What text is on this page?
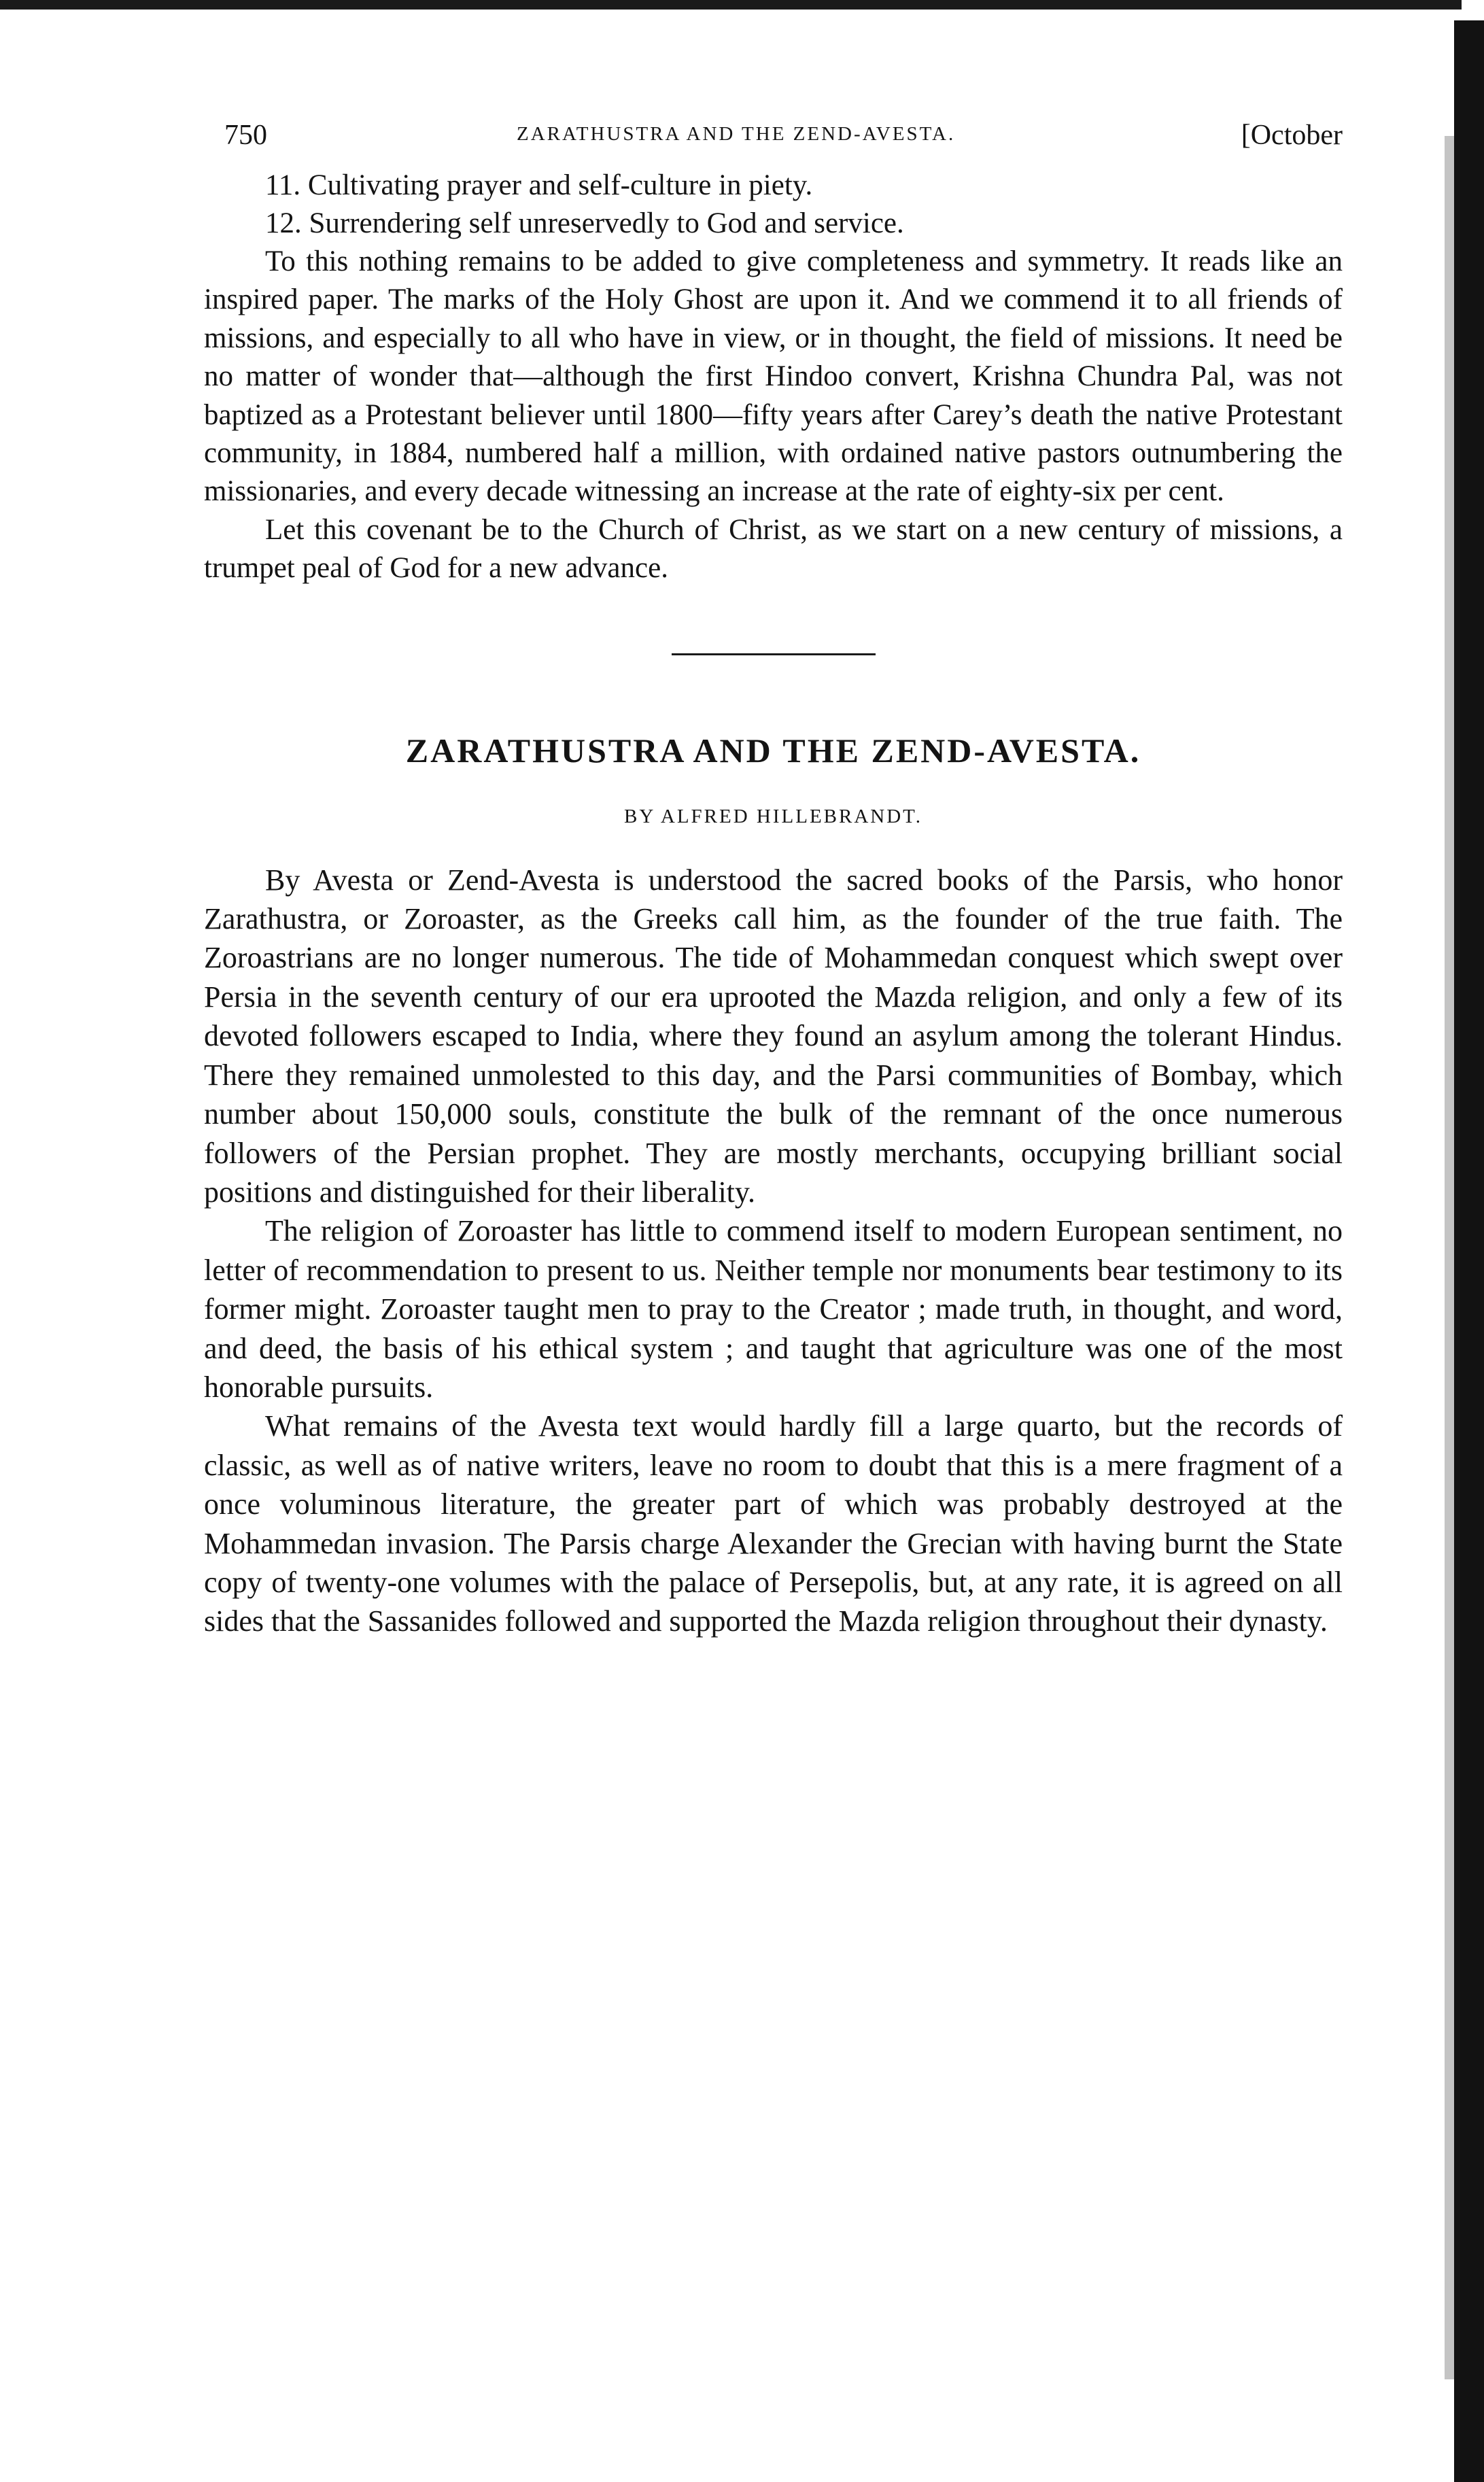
750	ZARATHUSTRA AND THE ZEND-AVESTA.	[October

11. Cultivating prayer and self-culture in piety.

12. Surrendering self unreservedly to God and service.

To this nothing remains to be added to give completeness and symmetry. It reads like an inspired paper. The marks of the Holy Ghost are upon it. And we commend it to all friends of missions, and especially to all who have in view, or in thought, the field of missions. It need be no matter of wonder that—although the first Hindoo convert, Krishna Chundra Pal, was not baptized as a Protestant believer until 1800—fifty years after Carey’s death the native Protestant community, in 1884, numbered half a million, with ordained native pastors outnumbering the missionaries, and every decade witnessing an increase at the rate of eighty-six per cent.

Let this covenant be to the Church of Christ, as we start on a new century of missions, a trumpet peal of God for a new advance.

ZARATHUSTRA AND THE ZEND-AVESTA.
BY ALFRED HILLEBRANDT.

By Avesta or Zend-Avesta is understood the sacred books of the Parsis, who honor Zarathustra, or Zoroaster, as the Greeks call him, as the founder of the true faith. The Zoroastrians are no longer numerous. The tide of Mohammedan conquest which swept over Persia in the seventh century of our era uprooted the Mazda religion, and only a few of its devoted followers escaped to India, where they found an asylum among the tolerant Hindus. There they remained unmolested to this day, and the Parsi communities of Bombay, which number about 150,000 souls, constitute the bulk of the remnant of the once numerous followers of the Persian prophet. They are mostly merchants, occupying brilliant social positions and distinguished for their liberality.

The religion of Zoroaster has little to commend itself to modern European sentiment, no letter of recommendation to present to us. Neither temple nor monuments bear testimony to its former might. Zoroaster taught men to pray to the Creator ; made truth, in thought, and word, and deed, the basis of his ethical system ; and taught that agriculture was one of the most honorable pursuits.

What remains of the Avesta text would hardly fill a large quarto, but the records of classic, as well as of native writers, leave no room to doubt that this is a mere fragment of a once voluminous literature, the greater part of which was probably destroyed at the Mohammedan invasion. The Parsis charge Alexander the Grecian with having burnt the State copy of twenty-one volumes with the palace of Persepolis, but, at any rate, it is agreed on all sides that the Sassanides followed and supported the Mazda religion throughout their dynasty.
